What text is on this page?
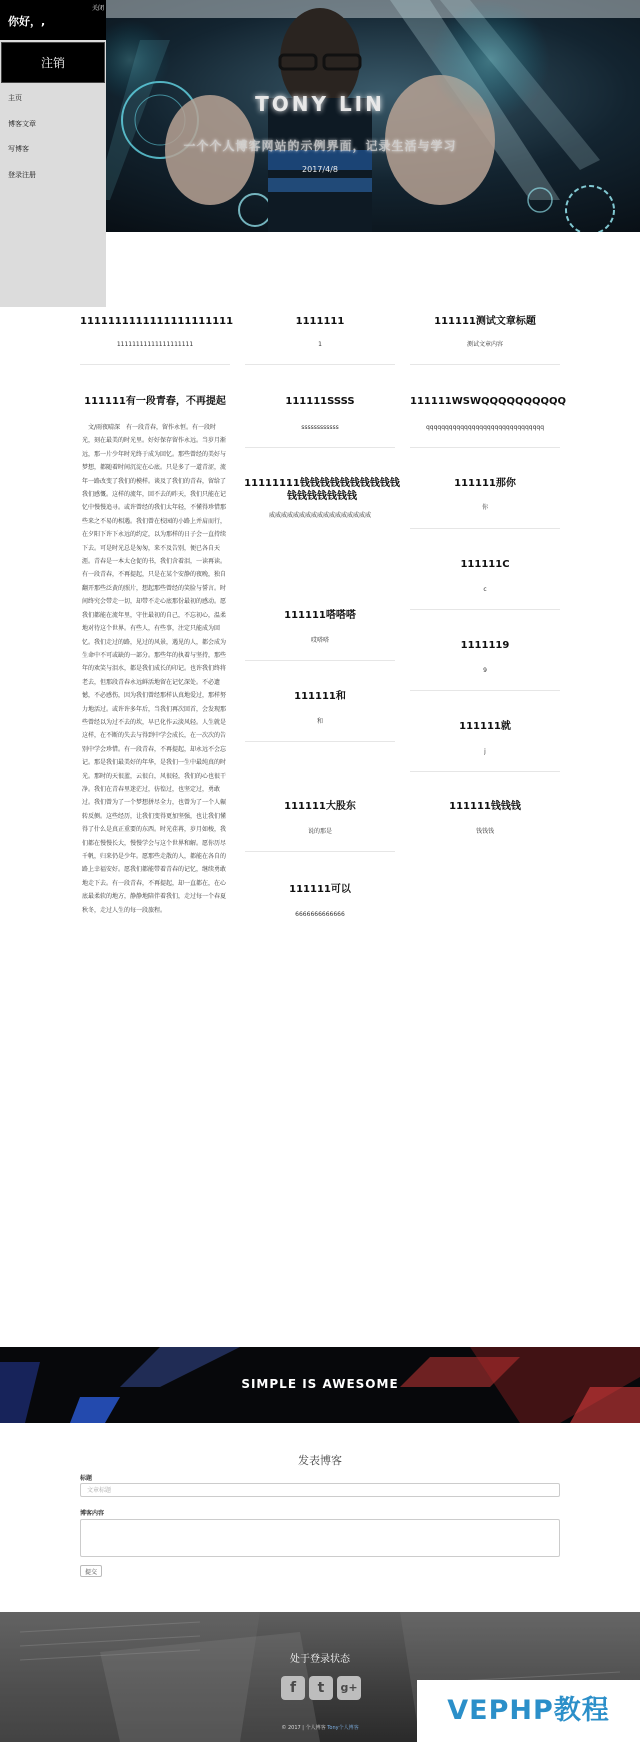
TONY LIN
一个个人博客网站的示例界面，记录生活与学习
2017/4/8
你好，,
关闭
注销
主页
博客文章
写博客
登录注册
1111111111111111111111
11111111111111111111
111111有一段青春，不再提起
文/雨夜晴深　有一段青春，留作永恒。有一段时光，刻在最美的时光里。好好保存留作永远。当岁月渐远，那一片少年时光终于成为回忆。那些曾经的美好与梦想，都随着时间沉淀在心底。只是多了一道青涩，流年一路改变了我们的模样。谈及了我们的青春，留给了我们感慨。这样的流年，回不去的昨天，我们只能在记忆中慢慢追寻。或许曾经的我们太年轻，不懂得珍惜那些来之不易的相遇。我们曾在校园的小路上并肩而行，在夕阳下许下永远的约定，以为那样的日子会一直持续下去。可是时光总是匆匆，来不及告别，便已各自天涯。青春是一本太仓促的书，我们含着泪，一读再读。有一段青春，不再提起，只是在某个安静的夜晚，独自翻开那些泛黄的照片，想起那些曾经的笑脸与誓言。时间终究会带走一切，却带不走心底那份最初的感动。愿我们都能在流年里，守住最初的自己，不忘初心，温柔地对待这个世界。有些人，有些事，注定只能成为回忆。我们走过的路，见过的风景，遇见的人，都会成为生命中不可或缺的一部分。那些年的执着与坚持，那些年的欢笑与泪水，都是我们成长的印记。也许我们终将老去，但那段青春永远鲜活地留在记忆深处。不必遗憾，不必感伤，因为我们曾经那样认真地爱过，那样努力地活过。或许许多年后，当我们再次回首，会发现那些曾经以为过不去的坎，早已化作云淡风轻。人生就是这样，在不断的失去与得到中学会成长，在一次次的告别中学会珍惜。有一段青春，不再提起，却永远不会忘记。那是我们最美好的年华，是我们一生中最纯真的时光。那时的天很蓝，云很白，风很轻，我们的心也很干净。我们在青春里迷茫过，彷徨过，也坚定过，勇敢过。我们曾为了一个梦想拼尽全力，也曾为了一个人辗转反侧。这些经历，让我们变得更加坚强，也让我们懂得了什么是真正重要的东西。时光荏苒，岁月如梭，我们都在慢慢长大，慢慢学会与这个世界和解。愿你历尽千帆，归来仍是少年。愿那些走散的人，都能在各自的路上幸福安好。愿我们都能带着青春的记忆，继续勇敢地走下去。有一段青春，不再提起，却一直都在，在心底最柔软的地方，静静地陪伴着我们，走过每一个春夏秋冬，走过人生的每一段旅程。
1111111
1
111111SSSS
ssssssssssss
11111111钱钱钱钱钱钱钱钱钱钱钱钱钱钱钱钱钱
威威威威威威威威威威威威威威威威威
111111嗒嗒嗒
哎嗒嗒
111111和
和
111111大股东
说的那是
111111可以
6666666666666
111111测试文章标题
测试文章内容
111111WSWQQQQQQQQQQ
qqqqqqqqqqqqqqqqqqqqqqqqqqqqqqq
111111那你
你
111111C
c
1111119
9
111111就
j
111111钱钱钱
钱钱钱
SIMPLE IS AWESOME
发表博客
标题
文章标题
博客内容
提交
处于登录状态
f	t	g+
© 2017 | 个人博客 Tony个人博客
VEPHP教程
